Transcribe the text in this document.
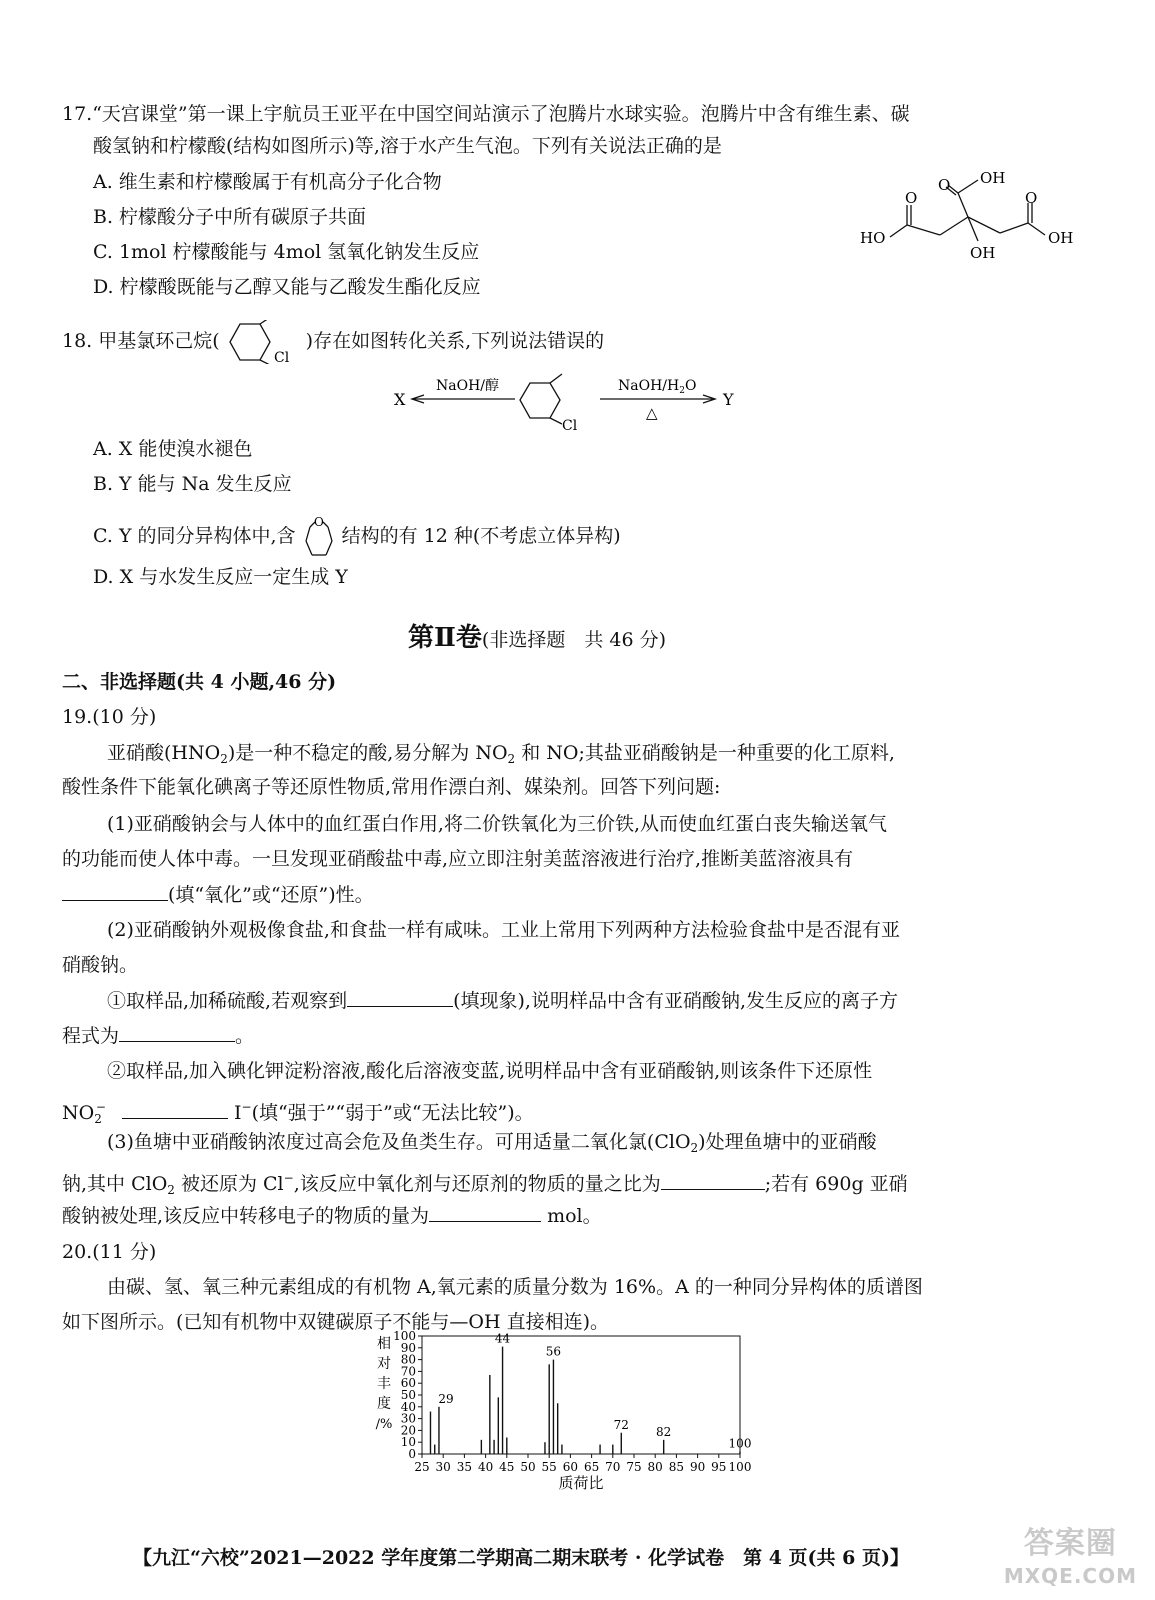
17.“天宫课堂”第一课上宇航员王亚平在中国空间站演示了泡腾片水球实验。泡腾片中含有维生素、碳
酸氢钠和柠檬酸(结构如图所示)等,溶于水产生气泡。下列有关说法正确的是
A. 维生素和柠檬酸属于有机高分子化合物
B. 柠檬酸分子中所有碳原子共面
C. 1mol 柠檬酸能与 4mol 氢氧化钠发生反应
D. 柠檬酸既能与乙醇又能与乙酸发生酯化反应
O OH
O	O
HO	OH
OH
18. 甲基氯环己烷(
Cl
)存在如图转化关系,下列说法错误的
X
NaOH/醇
Cl
NaOH/$H_2O$
△
Y
A. X 能使溴水褪色
B. Y 能与 Na 发生反应
C. Y 的同分异构体中,含
O
结构的有 12 种(不考虑立体异构)
D. X 与水发生反应一定生成 Y
第Ⅱ卷(非选择题　共 46 分)
二、非选择题(共 4 小题,46 分)
19.(10 分)
亚硝酸$(HNO_2)$是一种不稳定的酸,易分解为 $NO_2$ 和 NO;其盐亚硝酸钠是一种重要的化工原料,
酸性条件下能氧化碘离子等还原性物质,常用作漂白剂、媒染剂。回答下列问题:
(1)亚硝酸钠会与人体中的血红蛋白作用,将二价铁氧化为三价铁,从而使血红蛋白丧失输送氧气
的功能而使人体中毒。一旦发现亚硝酸盐中毒,应立即注射美蓝溶液进行治疗,推断美蓝溶液具有
(填“氧化”或“还原”)性。
(2)亚硝酸钠外观极像食盐,和食盐一样有咸味。工业上常用下列两种方法检验食盐中是否混有亚
硝酸钠。
①取样品,加稀硫酸,若观察到	(填现象),说明样品中含有亚硝酸钠,发生反应的离子方
程式为	。
②取样品,加入碘化钾淀粉溶液,酸化后溶液变蓝,说明样品中含有亚硝酸钠,则该条件下还原性
$NO_2^-$	I−(填“强于”“弱于”或“无法比较”)。
(3)鱼塘中亚硝酸钠浓度过高会危及鱼类生存。可用适量二氧化氯(ClO$_2$)处理鱼塘中的亚硝酸
钠,其中 ClO$_2$ 被还原为 Cl−,该反应中氧化剂与还原剂的物质的量之比为	;若有 690g 亚硝
酸钠被处理,该反应中转移电子的物质的量为	mol。
20.(11 分)
由碳、氢、氧三种元素组成的有机物 A,氧元素的质量分数为 16%。A 的一种同分异构体的质谱图
如下图所示。(已知有机物中双键碳原子不能与—OH 直接相连)。
相
对
丰
度
/%
0
10
20
30
40
50
60
70
80
90
100
25 30 35 40 45 50 55 60 65 70 75 80 85 90 95 100
29
44
56
72
82
100
质荷比
【九江“六校”2021—2022 学年度第二学期高二期末联考 · 化学试卷　第 4 页(共 6 页)】	答案圈
MXQE.COM
